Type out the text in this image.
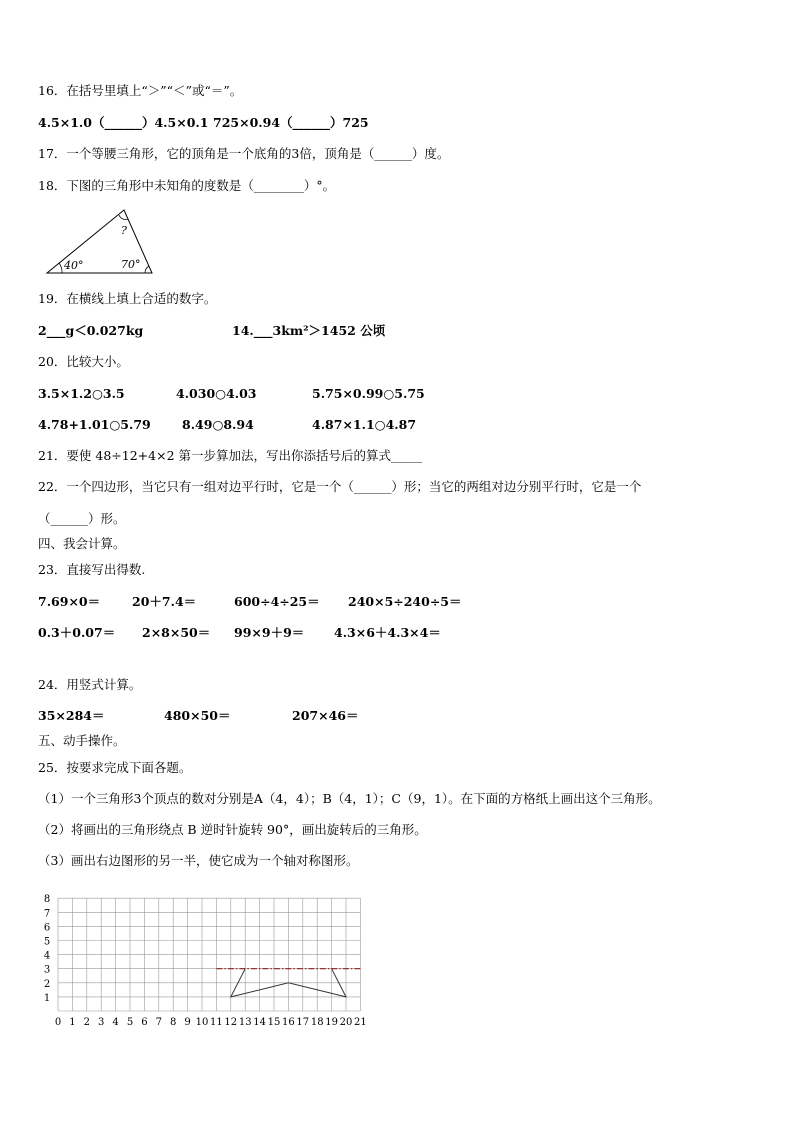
16．在括号里填上“＞”“＜”或“＝”。
4.5×1.0（______）4.5×0.1 725×0.94（______）725
17．一个等腰三角形，它的顶角是一个底角的3倍，顶角是（______）度。
18．下图的三角形中未知角的度数是（________）°。
?
40°	70°
19．在横线上填上合适的数字。
2___g＜0.027kg	14.___3km²＞1452 公顷
20．比较大小。
3.5×1.2○3.5	4.030○4.03	5.75×0.99○5.75
4.78+1.01○5.79	8.49○8.94	4.87×1.1○4.87
21．要使 48÷12+4×2 第一步算加法，写出你添括号后的算式_____
22．一个四边形，当它只有一组对边平行时，它是一个（______）形；当它的两组对边分别平行时，它是一个
（______）形。
四、我会计算。
23．直接写出得数.
7.69×0＝	20＋7.4＝	600÷4÷25＝ 240×5÷240÷5＝
0.3＋0.07＝ 2×8×50＝ 99×9＋9＝ 4.3×6＋4.3×4＝
24．用竖式计算。
35×284＝	480×50＝	207×46＝
五、动手操作。
25．按要求完成下面各题。
（1）一个三角形3个顶点的数对分别是A（4，4）；B（4，1）；C（9，1）。在下面的方格纸上画出这个三角形。
（2）将画出的三角形绕点 B 逆时针旋转 90°，画出旋转后的三角形。
（3）画出右边图形的另一半，使它成为一个轴对称图形。
0 1 2 3 4 5 6 7 8 9 10 11 12 13 14 15 16 17 18 19 20 21
1
2
3
4
5
6
7
8
